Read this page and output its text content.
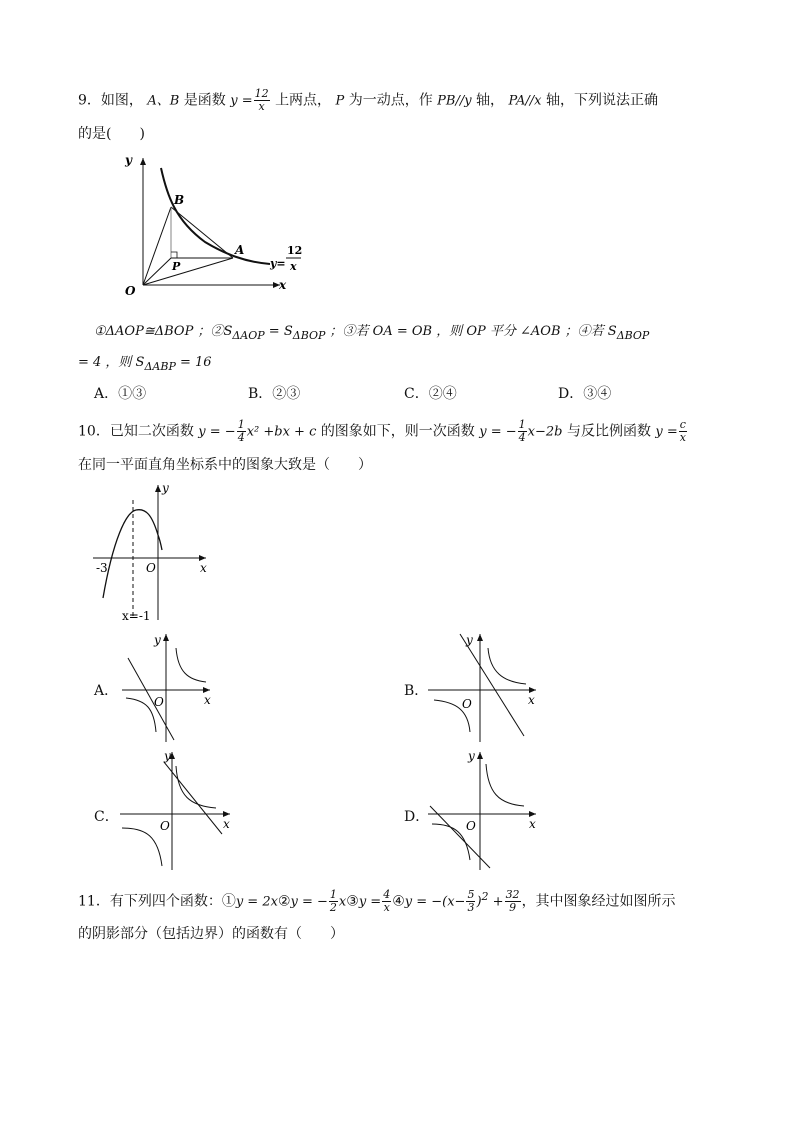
9．如图， A、B 是函数 $y = \frac{12}{x}$ 上两点， P 为一动点，作 PB//y 轴， PA//x 轴，下列说法正确
的是(　　)
y
x
O
B
A
P	y=
12
x
①ΔAOP≅ΔBOP ；$②S_{\Delta AOP} = S_{\Delta BOP}$ ；③若 OA = OB ，则 OP 平分 ∠AOB ；④若 $S_{\Delta BOP}$
= 4 ，则 $S_{\Delta ABP} = 16$
A．①③	B．②③	C．②④	D．③④
10．已知二次函数 y = − $\frac{1}{4} x^2 +bx + c$ 的图象如下，则一次函数 y = − $\frac{1}{4} x-2b$ 与反比例函数 $y = \frac{c}{x}$
在同一平面直角坐标系中的图象大致是（　　）
y
x
O
-3
x=-1
A．
y
x
O
B．
y
x
O
C．
y
x
O
D．
y
x
O
11．有下列四个函数：①y = 2x②y = − $\frac{1}{2}$ x③y = $\frac{4}{x}$ ④y = $-(x- \frac{5}{3} )^2 + \frac{32}{9}$ ，其中图象经过如图所示
的阴影部分（包括边界）的函数有（　　）
